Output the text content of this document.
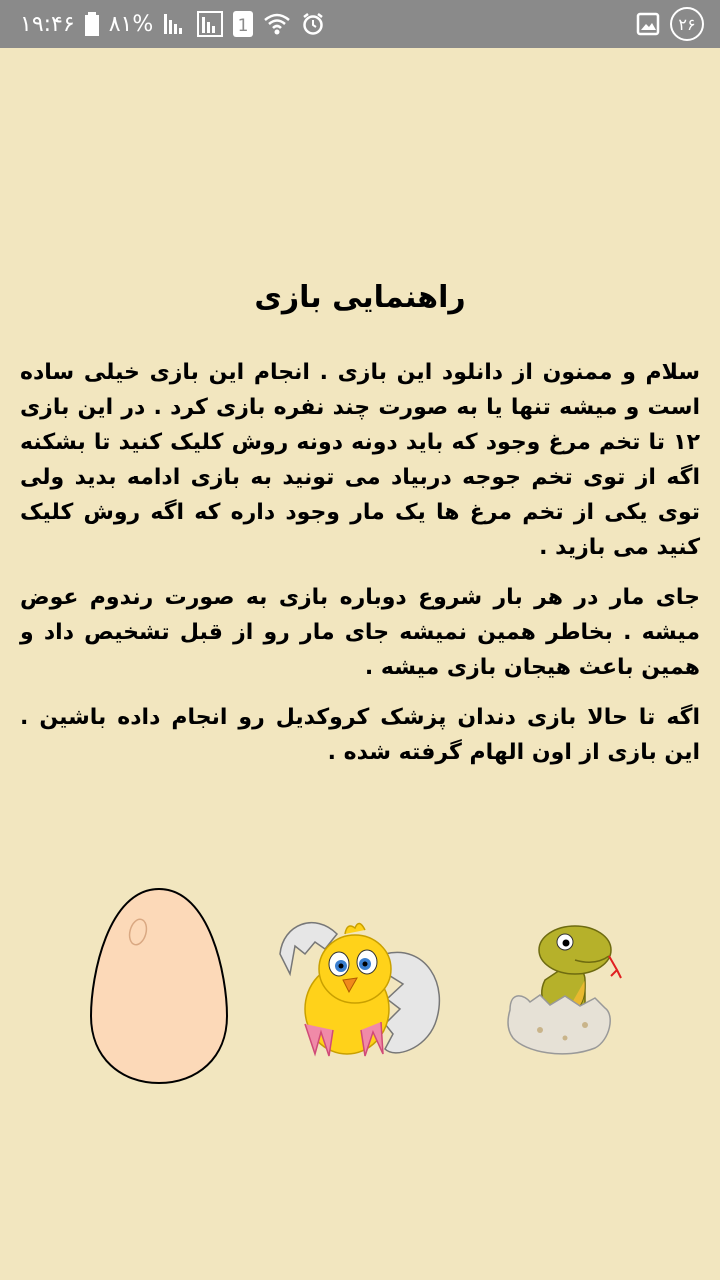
۱۹:۴۶ ۸۱%	1	۲۶
راهنمایی بازی

سلام و ممنون از دانلود این بازی . انجام این بازی خیلی ساده است و میشه تنها یا به صورت چند نفره بازی کرد . در این بازی ۱۲ تا تخم مرغ وجود که باید دونه دونه روش کلیک کنید تا بشکنه اگه از توی تخم جوجه دربیاد می تونید به بازی ادامه بدید ولی توی یکی از تخم مرغ ها یک مار وجود داره که اگه روش کلیک کنید می بازید .

جای مار در هر بار شروع دوباره بازی به صورت رندوم عوض میشه . بخاطر همین نمیشه جای مار رو از قبل تشخیص داد و همین باعث هیجان بازی میشه .

اگه تا حالا بازی دندان پزشک کروکدیل رو انجام داده باشین . این بازی از اون الهام گرفته شده .
